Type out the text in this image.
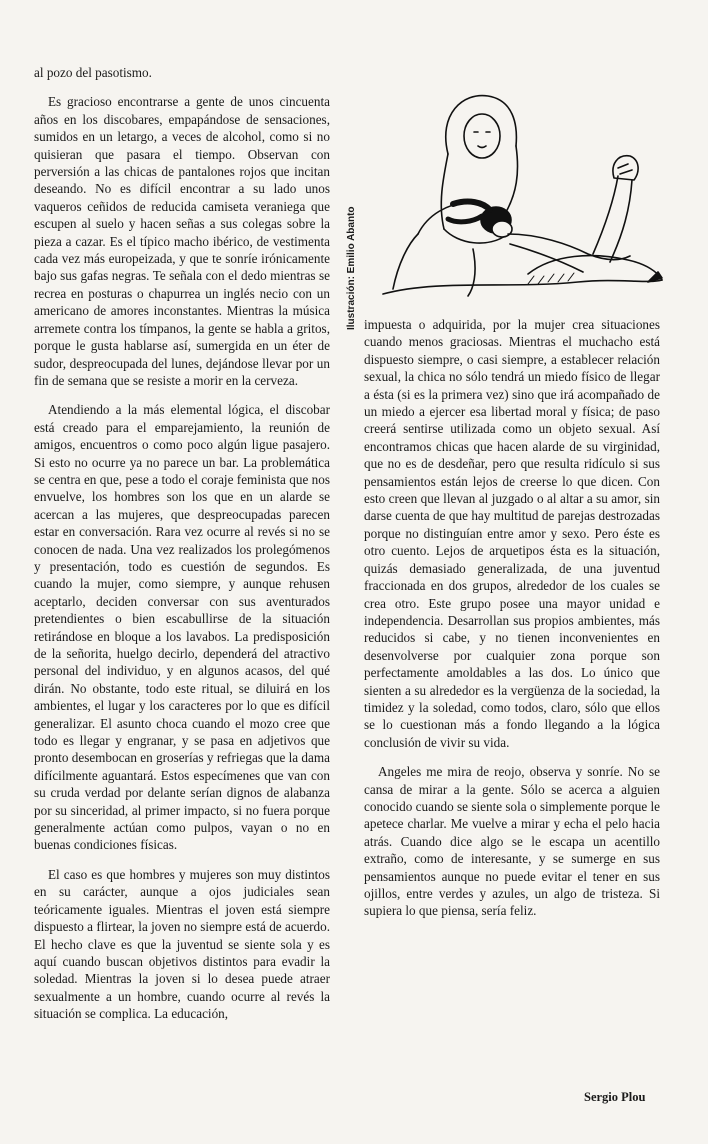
al pozo del pasotismo.

Es gracioso encontrarse a gente de unos cincuenta años en los discobares, empapándose de sensaciones, sumidos en un letargo, a veces de alcohol, como si no quisieran que pasara el tiempo. Observan con perversión a las chicas de pantalones rojos que incitan deseando. No es difícil encontrar a su lado unos vaqueros ceñidos de reducida camiseta veraniega que escupen al suelo y hacen señas a sus colegas sobre la pieza a cazar. Es el típico macho ibérico, de vestimenta cada vez más europeizada, y que te sonríe irónicamente bajo sus gafas negras. Te señala con el dedo mientras se recrea en posturas o chapurrea un inglés necio con un americano de amores inconstantes. Mientras la música arremete contra los tímpanos, la gente se habla a gritos, porque le gusta hablarse así, sumergida en un éter de sudor, despreocupada del lunes, dejándose llevar por un fin de semana que se resiste a morir en la cerveza.

Atendiendo a la más elemental lógica, el discobar está creado para el emparejamiento, la reunión de amigos, encuentros o como poco algún ligue pasajero. Si esto no ocurre ya no parece un bar. La problemática se centra en que, pese a todo el coraje feminista que nos envuelve, los hombres son los que en un alarde se acercan a las mujeres, que despreocupadas parecen estar en conversación. Rara vez ocurre al revés si no se conocen de nada. Una vez realizados los prolegómenos y presentación, todo es cuestión de segundos. Es cuando la mujer, como siempre, y aunque rehusen aceptarlo, deciden conversar con sus aventurados pretendientes o bien escabullirse de la situación retirándose en bloque a los lavabos. La predisposición de la señorita, huelgo decirlo, dependerá del atractivo personal del individuo, y en algunos acasos, del qué dirán. No obstante, todo este ritual, se diluirá en los ambientes, el lugar y los caracteres por lo que es difícil generalizar. El asunto choca cuando el mozo cree que todo es llegar y engranar, y se pasa en adjetivos que pronto desembocan en groserías y refriegas que la dama difícilmente aguantará. Estos especímenes que van con su cruda verdad por delante serían dignos de alabanza por su sinceridad, al primer impacto, si no fuera porque generalmente actúan como pulpos, vayan o no en buenas condiciones físicas.

El caso es que hombres y mujeres son muy distintos en su carácter, aunque a ojos judiciales sean teóricamente iguales. Mientras el joven está siempre dispuesto a flirtear, la joven no siempre está de acuerdo. El hecho clave es que la juventud se siente sola y es aquí cuando buscan objetivos distintos para evadir la soledad. Mientras la joven si lo desea puede atraer sexualmente a un hombre, cuando ocurre al revés la situación se complica. La educación,

Ilustración: Emilio Abanto impuesta o adquirida, por la mujer crea situaciones cuando menos graciosas. Mientras el muchacho está dispuesto siempre, o casi siempre, a establecer relación sexual, la chica no sólo tendrá un miedo físico de llegar a ésta (si es la primera vez) sino que irá acompañado de un miedo a ejercer esa libertad moral y física; de paso creerá sentirse utilizada como un objeto sexual. Así encontramos chicas que hacen alarde de su virginidad, que no es de desdeñar, pero que resulta ridículo si sus pensamientos están lejos de creerse lo que dicen. Con esto creen que llevan al juzgado o al altar a su amor, sin darse cuenta de que hay multitud de parejas destrozadas porque no distinguían entre amor y sexo. Pero éste es otro cuento. Lejos de arquetipos ésta es la situación, quizás demasiado generalizada, de una juventud fraccionada en dos grupos, alrededor de los cuales se crea otro. Este grupo posee una mayor unidad e independencia. Desarrollan sus propios ambientes, más reducidos si cabe, y no tienen inconvenientes en desenvolverse por cualquier zona porque son perfectamente amoldables a las dos. Lo único que sienten a su alrededor es la vergüenza de la sociedad, la timidez y la soledad, como todos, claro, sólo que ellos se lo cuestionan más a fondo llegando a la lógica conclusión de vivir su vida.

Angeles me mira de reojo, observa y sonríe. No se cansa de mirar a la gente. Sólo se acerca a alguien conocido cuando se siente sola o simplemente porque le apetece charlar. Me vuelve a mirar y echa el pelo hacia atrás. Cuando dice algo se le escapa un acentillo extraño, como de interesante, y se sumerge en sus pensamientos aunque no puede evitar el tener en sus ojillos, entre verdes y azules, un algo de tristeza. Si supiera lo que piensa, sería feliz.

Sergio Plou
